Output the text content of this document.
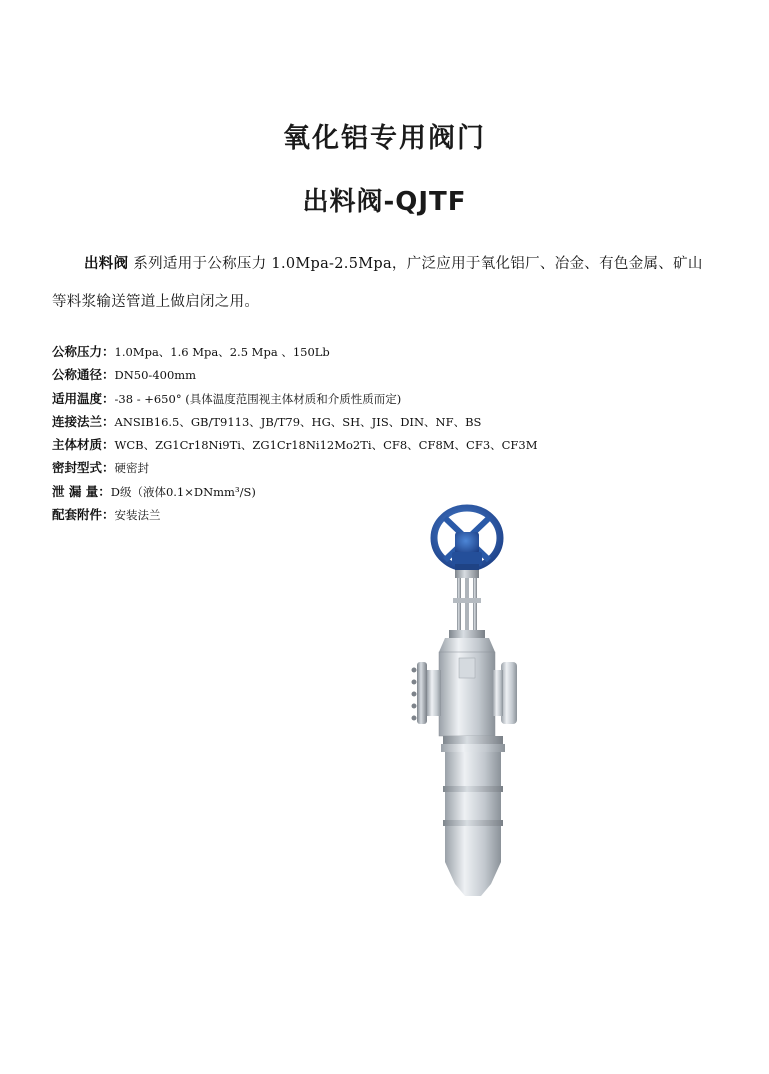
氧化铝专用阀门
出料阀-QJTF

出料阀 系列适用于公称压力 1.0Mpa-2.5Mpa，广泛应用于氧化铝厂、冶金、有色金属、矿山等料浆输送管道上做启闭之用。

公称压力：1.0Mpa、1.6 Mpa、2.5 Mpa 、150Lb
公称通径：DN50-400mm
适用温度：-38 - +650° (具体温度范围视主体材质和介质性质而定)
连接法兰：ANSIB16.5、GB/T9113、JB/T79、HG、SH、JIS、DIN、NF、BS
主体材质：WCB、ZG1Cr18Ni9Ti、ZG1Cr18Ni12Mo2Ti、CF8、CF8M、CF3、CF3M
密封型式：硬密封
泄 漏 量：D级（液体0.1×DNmm³/S)
配套附件：安装法兰
